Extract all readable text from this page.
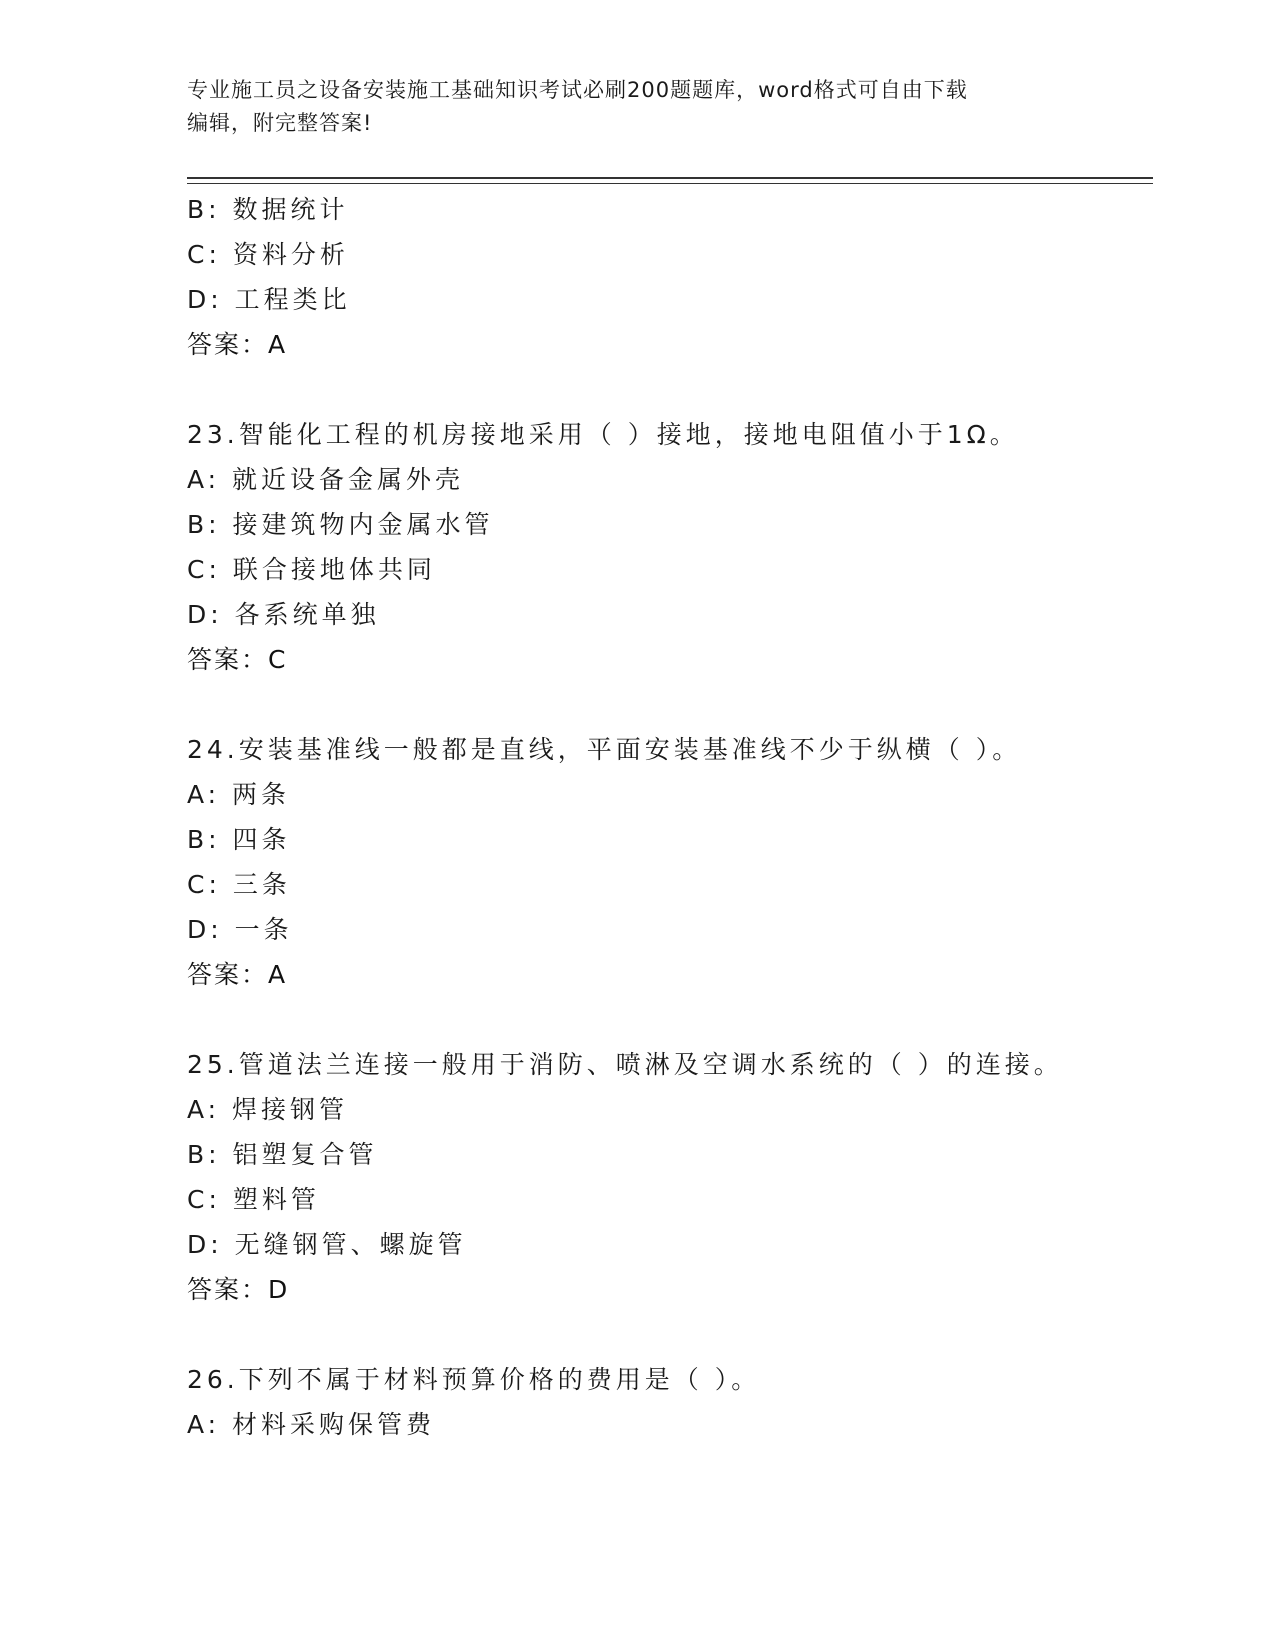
专业施工员之设备安装施工基础知识考试必刷200题题库，word格式可自由下载
编辑，附完整答案!
B: 数据统计
C: 资料分析
D: 工程类比
答案：A
23.智能化工程的机房接地采用（ ）接地，接地电阻值小于1Ω。
A: 就近设备金属外壳
B: 接建筑物内金属水管
C: 联合接地体共同
D: 各系统单独
答案：C
24.安装基准线一般都是直线，平面安装基准线不少于纵横（ ）。
A: 两条
B: 四条
C: 三条
D: 一条
答案：A
25.管道法兰连接一般用于消防、喷淋及空调水系统的（ ）的连接。
A: 焊接钢管
B: 铝塑复合管
C: 塑料管
D: 无缝钢管、螺旋管
答案：D
26.下列不属于材料预算价格的费用是（ ）。
A: 材料采购保管费
